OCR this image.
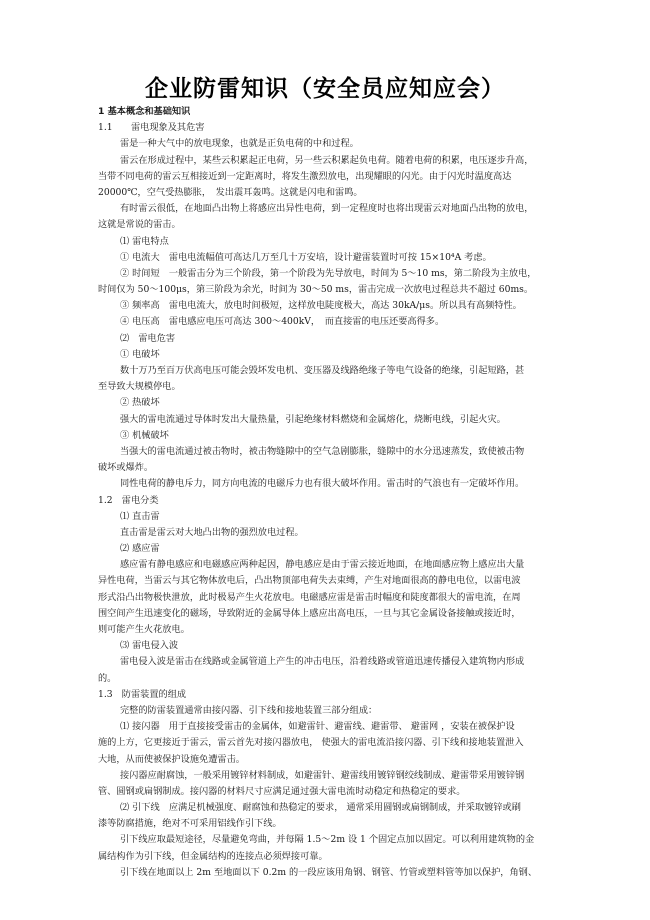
企业防雷知识（安全员应知应会）
1 基本概念和基础知识
1.1　　雷电现象及其危害
雷是一种大气中的放电现象，也就是正负电荷的中和过程。
雷云在形成过程中，某些云积累起正电荷，另一些云积累起负电荷。随着电荷的积累，电压逐步升高，
当带不同电荷的雷云互相接近到一定距离时，将发生激烈放电，出现耀眼的闪光。由于闪光时温度高达
20000℃，空气受热膨胀，　发出震耳轰鸣。这就是闪电和雷鸣。
有时雷云很低，在地面凸出物上将感应出异性电荷，到一定程度时也将出现雷云对地面凸出物的放电，
这就是常说的雷击。
⑴ 雷电特点
① 电流大　雷电电流幅值可高达几万至几十万安培，设计避雷装置时可按 15×10⁴A 考虑。
② 时间短　一般雷击分为三个阶段，第一个阶段为先导放电，时间为 5～10 ms，第二阶段为主放电，
时间仅为 50～100μs，第三阶段为余光，时间为 30～50 ms，雷击完成一次放电过程总共不超过 60ms。
③ 频率高　雷电电流大，放电时间极短，这样放电陡度极大，高达 30kA/μs。所以具有高频特性。
④ 电压高　雷电感应电压可高达 300～400kV，　而直接雷的电压还要高得多。
⑵　雷电危害
① 电破坏
数十万乃至百万伏高电压可能会毁坏发电机、变压器及线路绝缘子等电气设备的绝缘，引起短路，甚
至导致大规模停电。
② 热破坏
强大的雷电流通过导体时发出大量热量，引起绝缘材料燃烧和金属熔化，烧断电线，引起火灾。
③ 机械破坏
当强大的雷电流通过被击物时，被击物缝隙中的空气急剧膨胀，缝隙中的水分迅速蒸发，致使被击物
破坏或爆炸。
同性电荷的静电斥力，同方向电流的电磁斥力也有很大破坏作用。雷击时的气浪也有一定破坏作用。
1.2　雷电分类
⑴ 直击雷
直击雷是雷云对大地凸出物的强烈放电过程。
⑵ 感应雷
感应雷有静电感应和电磁感应两种起因，静电感应是由于雷云接近地面，在地面感应物上感应出大量
异性电荷，当雷云与其它物体放电后，凸出物顶部电荷失去束缚，产生对地面很高的静电电位，以雷电波
形式沿凸出物极快泄放，此时极易产生火花放电。电磁感应雷是雷击时幅度和陡度都很大的雷电流，在周
围空间产生迅速变化的磁场，导致附近的金属导体上感应出高电压，一旦与其它金属设备接触或接近时，
则可能产生火花放电。
⑶ 雷电侵入波
雷电侵入波是雷击在线路或金属管道上产生的冲击电压，沿着线路或管道迅速传播侵入建筑物内形成
的。
1.3　防雷装置的组成
完整的防雷装置通常由接闪器、引下线和接地装置三部分组成：
⑴ 接闪器　用于直接接受雷击的金属体，如避雷针、避雷线、避雷带、 避雷网 ，安装在被保护设
施的上方，它更接近于雷云，雷云首先对接闪器放电， 使强大的雷电流沿接闪器、引下线和接地装置泄入
大地，从而使被保护设施免遭雷击。
接闪器应耐腐蚀，一般采用镀锌材料制成，如避雷针、避雷线用镀锌钢绞线制成、避雷带采用镀锌钢
管、圆钢或扁钢制成。接闪器的材料尺寸应满足通过强大雷电流时动稳定和热稳定的要求。
⑵ 引下线　应满足机械强度、耐腐蚀和热稳定的要求， 通常采用圆钢或扁钢制成，并采取镀锌或刷
漆等防腐措施，绝对不可采用铝线作引下线。
引下线应取最短途径，尽量避免弯曲，并每隔 1.5～2m 设 1 个固定点加以固定。可以利用建筑物的金
属结构作为引下线，但金属结构的连接点必须焊接可靠。
引下线在地面以上 2m 至地面以下 0.2m 的一段应该用角钢、钢管、竹管或塑料管等加以保护，角钢、
